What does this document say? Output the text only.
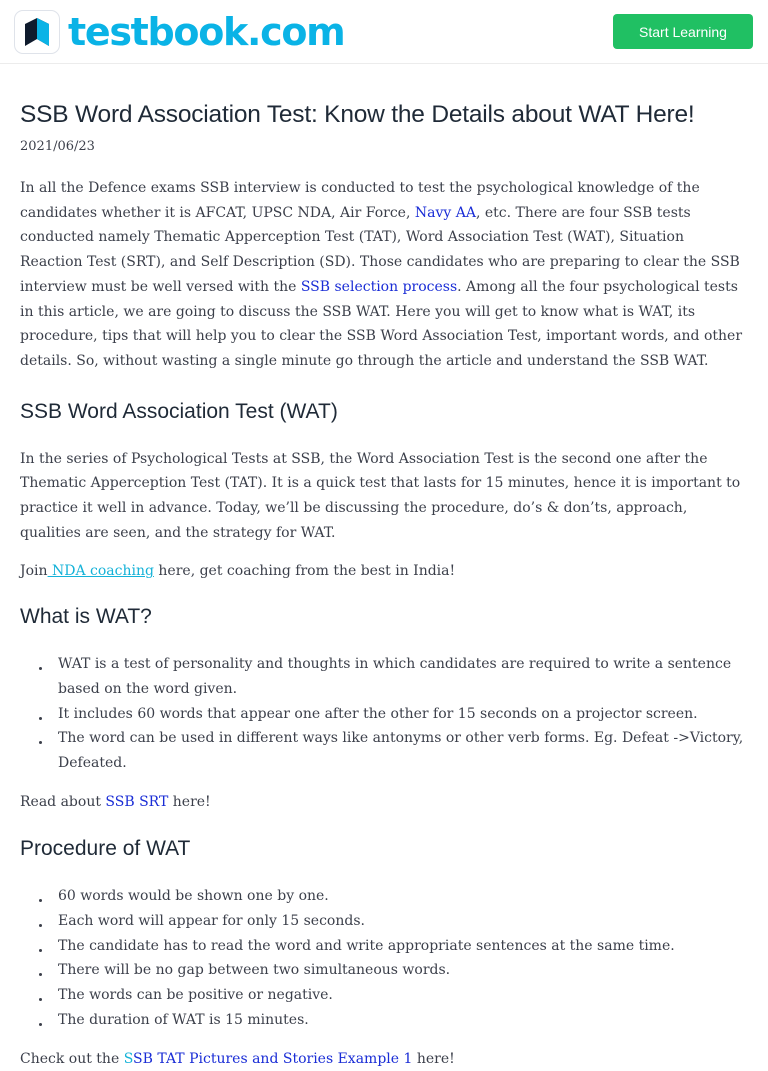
testbook.com	Start Learning
SSB Word Association Test: Know the Details about WAT Here!
2021/06/23

In all the Defence exams SSB interview is conducted to test the psychological knowledge of the candidates whether it is AFCAT, UPSC NDA, Air Force, Navy AA, etc. There are four SSB tests conducted namely Thematic Apperception Test (TAT), Word Association Test (WAT), Situation Reaction Test (SRT), and Self Description (SD). Those candidates who are preparing to clear the SSB interview must be well versed with the SSB selection process. Among all the four psychological tests in this article, we are going to discuss the SSB WAT. Here you will get to know what is WAT, its procedure, tips that will help you to clear the SSB Word Association Test, important words, and other details. So, without wasting a single minute go through the article and understand the SSB WAT.

SSB Word Association Test (WAT)

In the series of Psychological Tests at SSB, the Word Association Test is the second one after the Thematic Apperception Test (TAT). It is a quick test that lasts for 15 minutes, hence it is important to practice it well in advance. Today, we’ll be discussing the procedure, do’s & don’ts, approach, qualities are seen, and the strategy for WAT.

Join NDA coaching here, get coaching from the best in India!

What is WAT?
WAT is a test of personality and thoughts in which candidates are required to write a sentence based on the word given.
It includes 60 words that appear one after the other for 15 seconds on a projector screen.
The word can be used in different ways like antonyms or other verb forms. Eg. Defeat ->Victory, Defeated.

Read about SSB SRT here!

Procedure of WAT
60 words would be shown one by one.
Each word will appear for only 15 seconds.
The candidate has to read the word and write appropriate sentences at the same time.
There will be no gap between two simultaneous words.
The words can be positive or negative.
The duration of WAT is 15 minutes.

Check out the SSB TAT Pictures and Stories Example 1 here!
